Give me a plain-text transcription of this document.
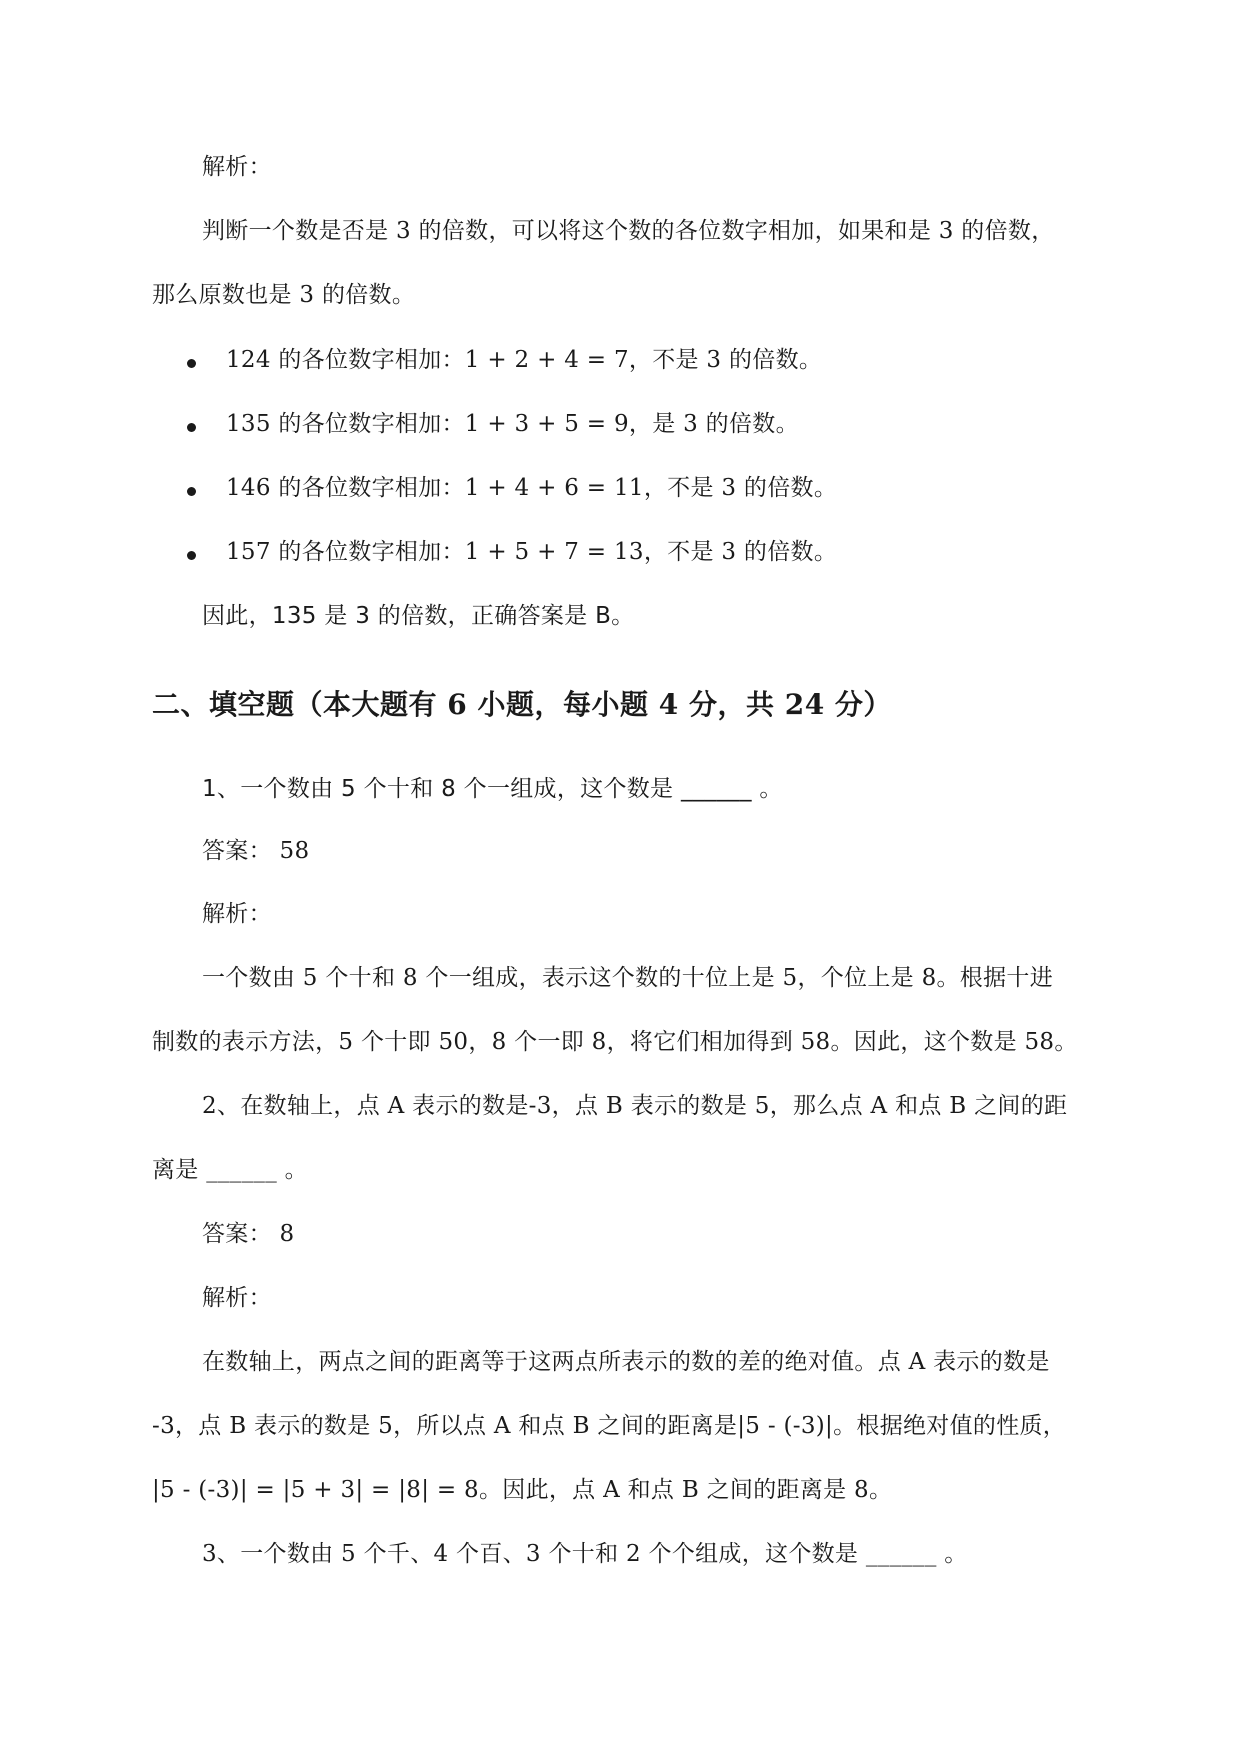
解析：
判断一个数是否是 3 的倍数，可以将这个数的各位数字相加，如果和是 3 的倍数，
那么原数也是 3 的倍数。
124 的各位数字相加：1 + 2 + 4 = 7，不是 3 的倍数。
135 的各位数字相加：1 + 3 + 5 = 9，是 3 的倍数。
146 的各位数字相加：1 + 4 + 6 = 11，不是 3 的倍数。
157 的各位数字相加：1 + 5 + 7 = 13，不是 3 的倍数。
因此，135 是 3 的倍数，正确答案是 B。
二、填空题（本大题有 6 小题，每小题 4 分，共 24 分）
1、一个数由 5 个十和 8 个一组成，这个数是 ______ 。
答案： 58
解析：
一个数由 5 个十和 8 个一组成，表示这个数的十位上是 5，个位上是 8。根据十进
制数的表示方法，5 个十即 50，8 个一即 8，将它们相加得到 58。因此，这个数是 58。
2、在数轴上，点 A 表示的数是-3，点 B 表示的数是 5，那么点 A 和点 B 之间的距
离是 ______ 。
答案： 8
解析：
在数轴上，两点之间的距离等于这两点所表示的数的差的绝对值。点 A 表示的数是
-3，点 B 表示的数是 5，所以点 A 和点 B 之间的距离是|5 - (-3)|。根据绝对值的性质，
|5 - (-3)| = |5 + 3| = |8| = 8。因此，点 A 和点 B 之间的距离是 8。
3、一个数由 5 个千、4 个百、3 个十和 2 个个组成，这个数是 ______ 。
